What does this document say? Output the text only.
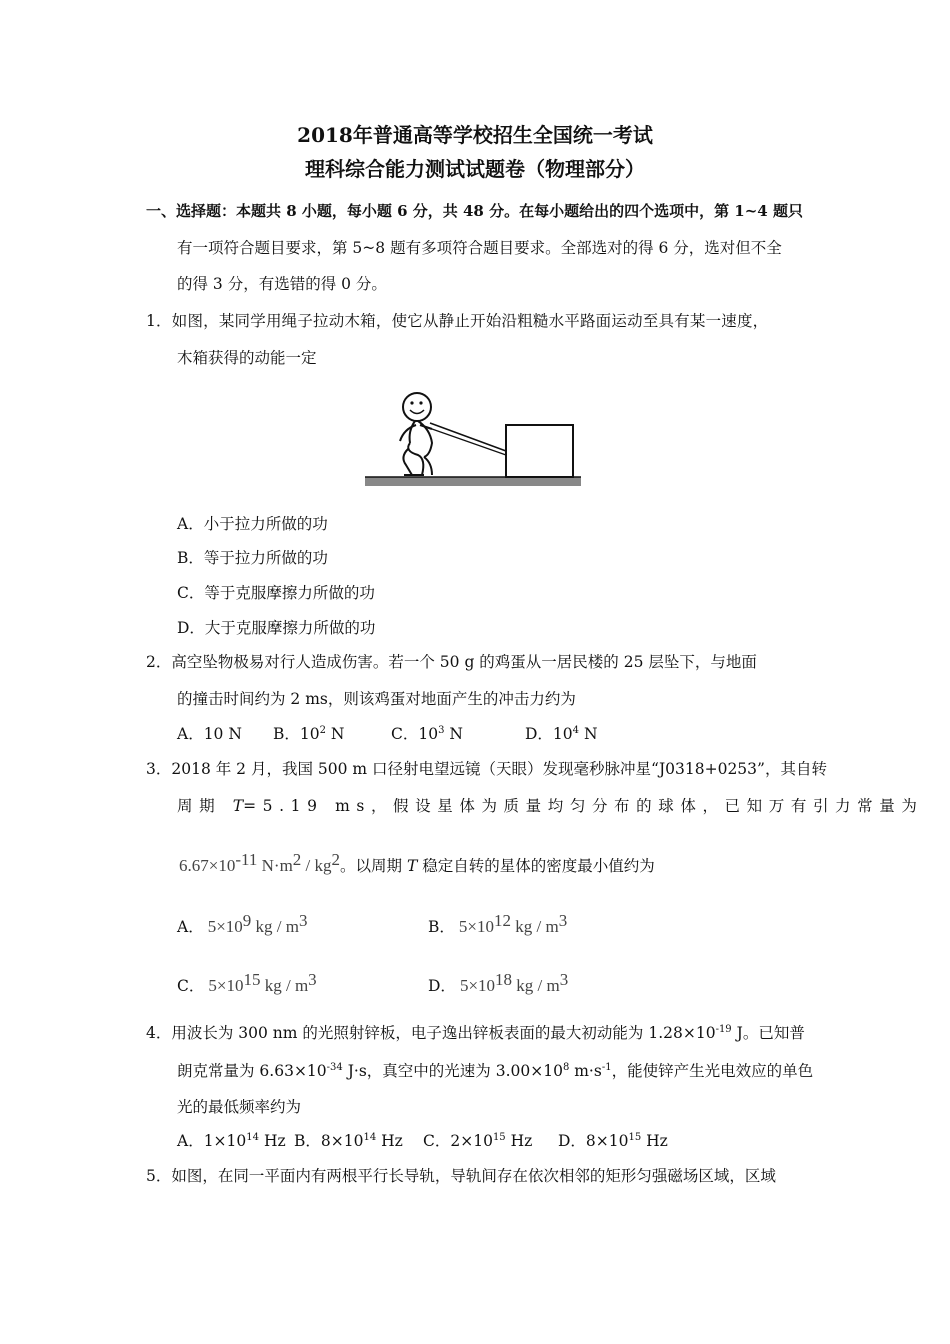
2018年普通高等学校招生全国统一考试
理科综合能力测试试题卷（物理部分）
一、选择题：本题共 8 小题，每小题 6 分，共 48 分。在每小题给出的四个选项中，第 1~4 题只
有一项符合题目要求，第 5~8 题有多项符合题目要求。全部选对的得 6 分，选对但不全
的得 3 分，有选错的得 0 分。
1．如图，某同学用绳子拉动木箱，使它从静止开始沿粗糙水平路面运动至具有某一速度，
木箱获得的动能一定
A．小于拉力所做的功
B．等于拉力所做的功
C．等于克服摩擦力所做的功
D．大于克服摩擦力所做的功
2．高空坠物极易对行人造成伤害。若一个 50 g 的鸡蛋从一居民楼的 25 层坠下，与地面
的撞击时间约为 2 ms，则该鸡蛋对地面产生的冲击力约为
A．10 N B．$10^2$ N	C．$10^3$ N	D．$10^4$ N
3．2018 年 2 月，我国 500 m 口径射电望远镜（天眼）发现毫秒脉冲星“J0318+0253”，其自转
周期 T=5.19 ms，假设星体为质量均匀分布的球体，已知万有引力常量为
$6.67\times 10^{-11}$ $N\cdot m^2 / kg^2$。以周期 T 稳定自转的星体的密度最小值约为
A． $5\times 10^9$ kg / $m^3$	B． $5\times 10^{12}$ kg / $m^3$
C． $5\times 10^{15}$ kg / $m^3$	D． $5\times 10^{18}$ kg / $m^3$
4．用波长为 300 nm 的光照射锌板，电子逸出锌板表面的最大初动能为 $1.28\times 10^{-19}$ J。已知普
朗克常量为 $6.63\times 10^{-34}$ J·s，真空中的光速为 $3.00\times 10^8$ $m\cdot s^{-1}$，能使锌产生光电效应的单色
光的最低频率约为
A．$1\times 10^{14}$ Hz B．$8\times 10^{14}$ Hz C．$2\times 10^{15}$ Hz D．$8\times 10^{15}$ Hz
5．如图，在同一平面内有两根平行长导轨，导轨间存在依次相邻的矩形匀强磁场区域，区域
